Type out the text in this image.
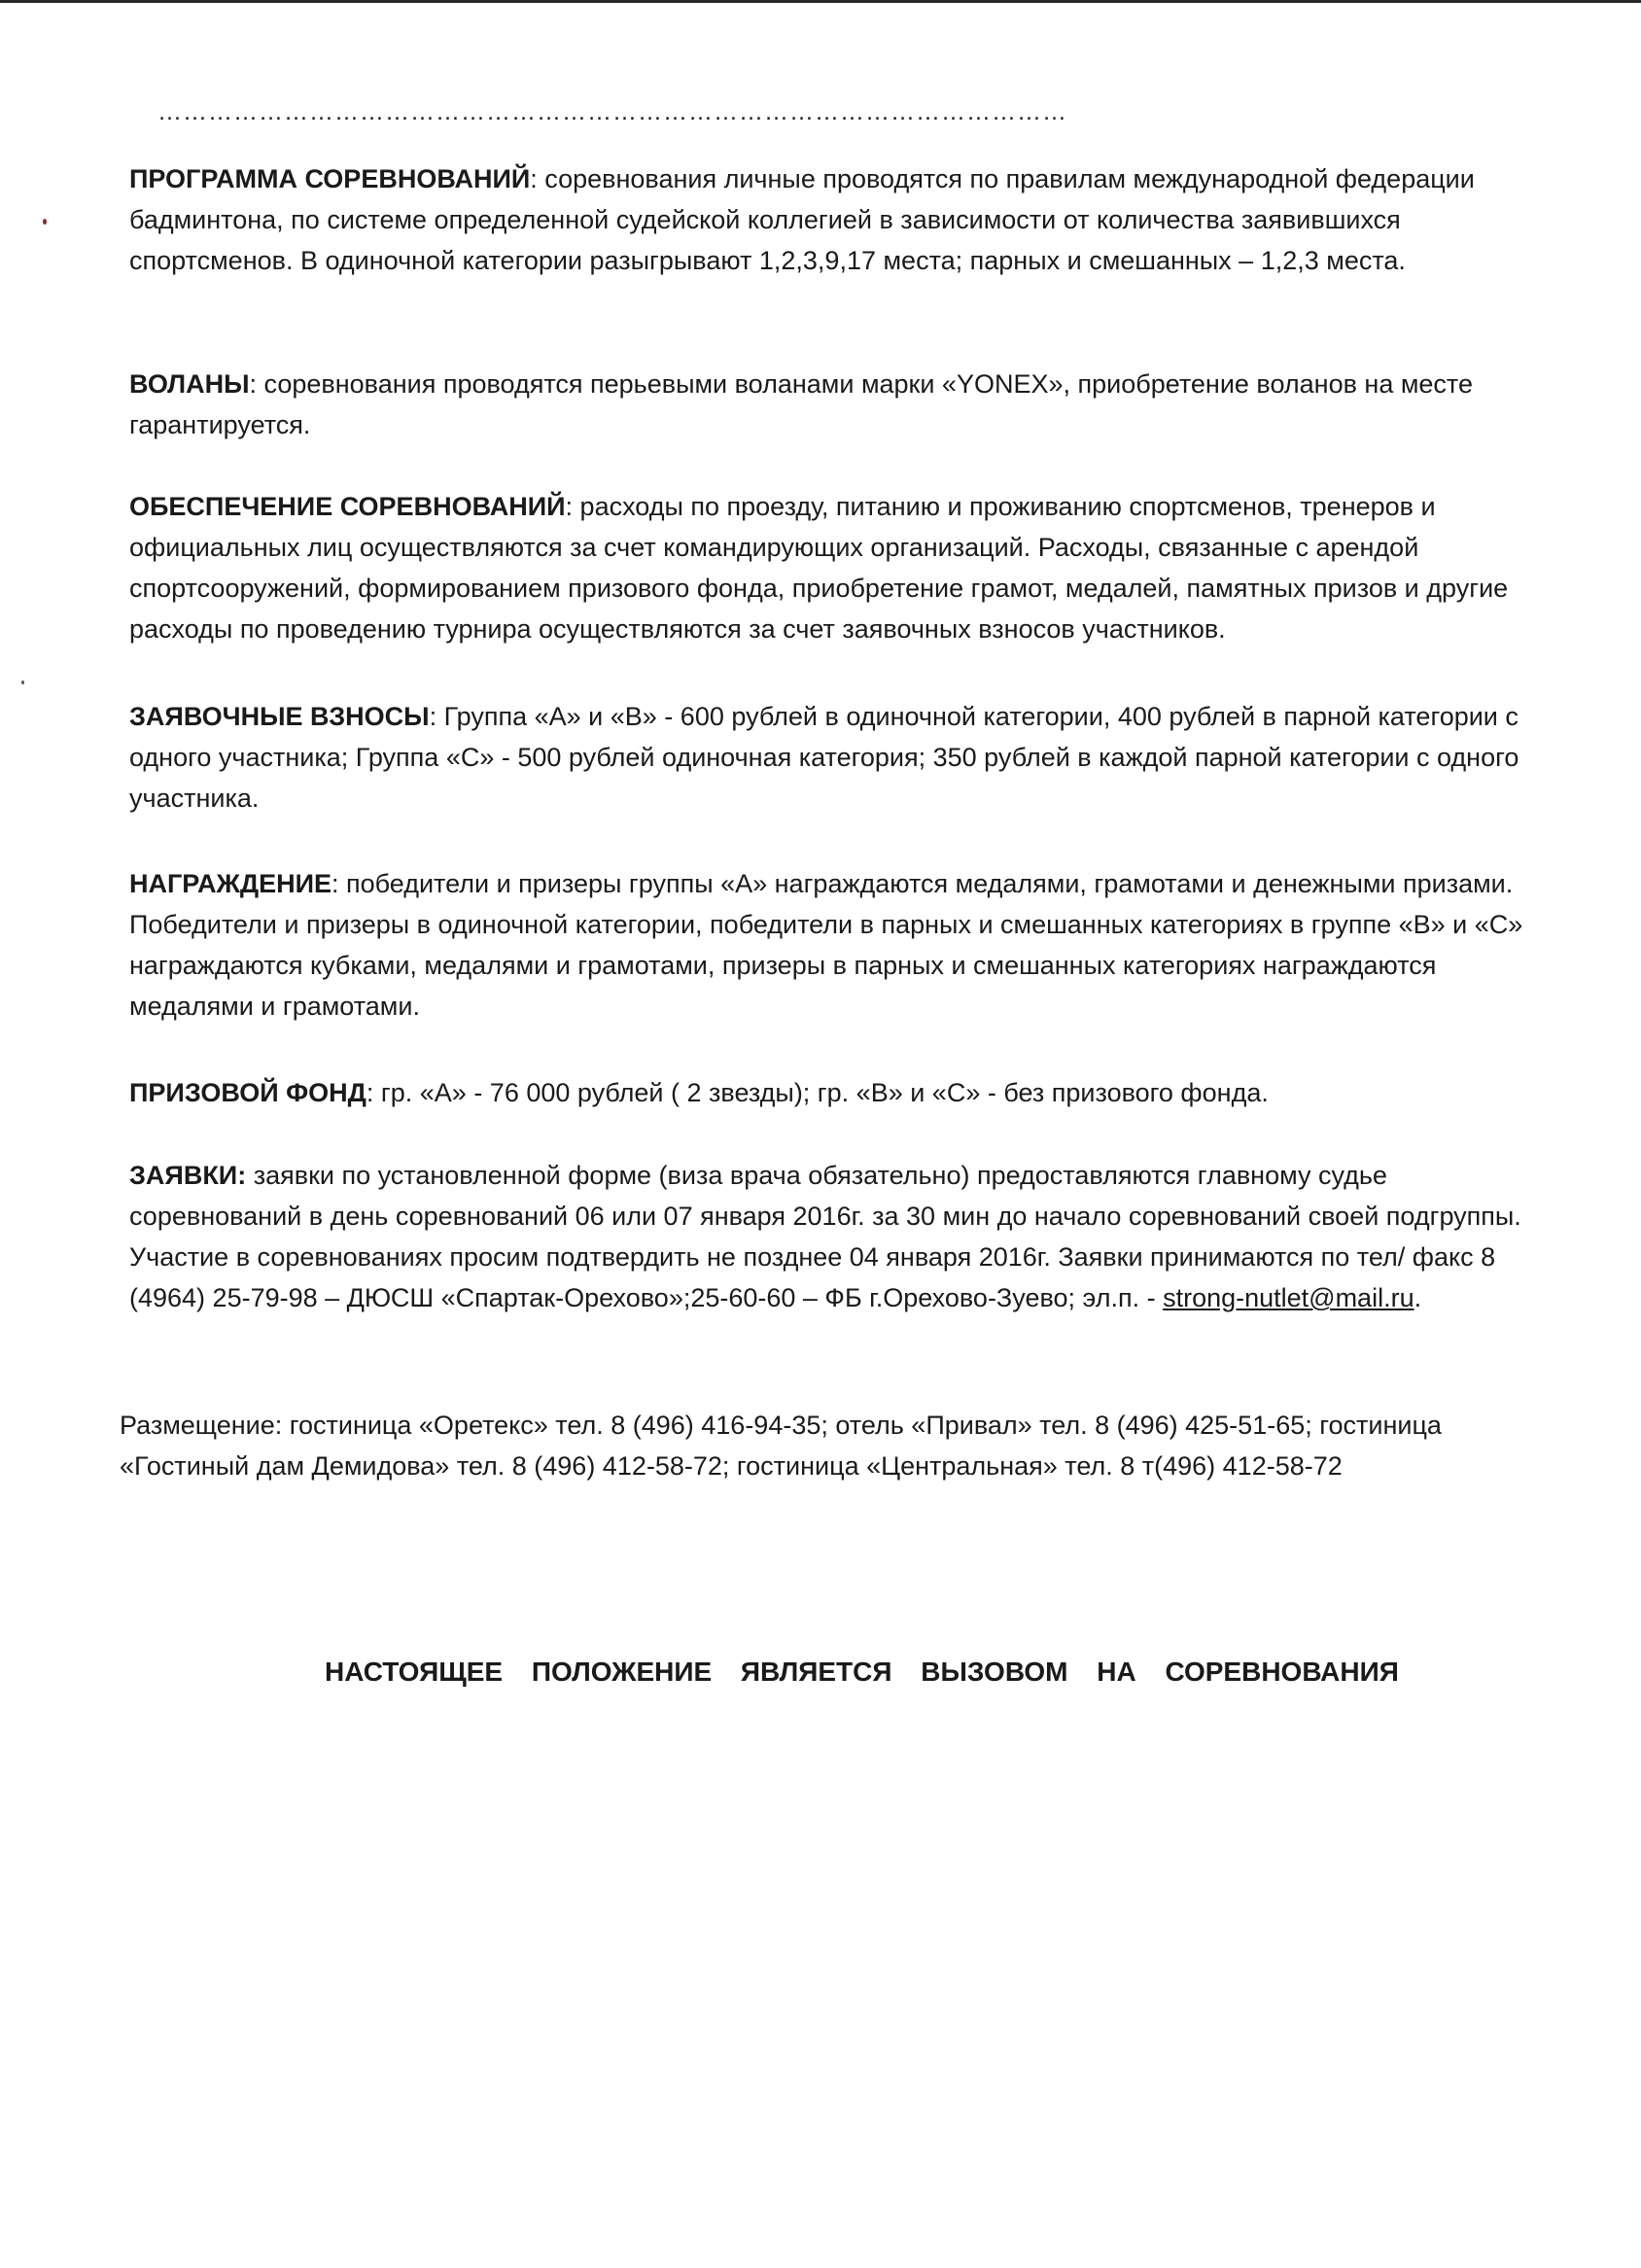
………………………………………………………………………………………………

ПРОГРАММА СОРЕВНОВАНИЙ: соревнования личные проводятся по правилам международной федерации бадминтона, по системе определенной судейской коллегией в зависимости от количества заявившихся спортсменов. В одиночной категории разыгрывают 1,2,3,9,17 места; парных и смешанных – 1,2,3 места.

ВОЛАНЫ: соревнования проводятся перьевыми воланами марки «YONEX», приобретение воланов на месте гарантируется.

ОБЕСПЕЧЕНИЕ СОРЕВНОВАНИЙ: расходы по проезду, питанию и проживанию спортсменов, тренеров и официальных лиц осуществляются за счет командирующих организаций. Расходы, связанные с арендой спортсооружений, формированием призового фонда, приобретение грамот, медалей, памятных призов и другие расходы по проведению турнира осуществляются за счет заявочных взносов участников.

ЗАЯВОЧНЫЕ ВЗНОСЫ: Группа «А» и «В» - 600 рублей в одиночной категории, 400 рублей в парной категории с одного участника; Группа «С» - 500 рублей одиночная категория; 350 рублей в каждой парной категории с одного участника.

НАГРАЖДЕНИЕ: победители и призеры группы «А» награждаются медалями, грамотами и денежными призами. Победители и призеры в одиночной категории, победители в парных и смешанных категориях в группе «В» и «С» награждаются кубками, медалями и грамотами, призеры в парных и смешанных категориях награждаются медалями и грамотами.

ПРИЗОВОЙ ФОНД: гр. «А» - 76 000 рублей ( 2 звезды); гр. «В» и «С» - без призового фонда.

ЗАЯВКИ: заявки по установленной форме (виза врача обязательно) предоставляются главному судье соревнований в день соревнований 06 или 07 января 2016г. за 30 мин до начало соревнований своей подгруппы. Участие в соревнованиях просим подтвердить не позднее 04 января 2016г. Заявки принимаются по тел/ факс 8 (4964) 25-79-98 – ДЮСШ «Спартак-Орехово»;25-60-60 – ФБ г.Орехово-Зуево; эл.п. - strong-nutlet@mail.ru.

Размещение: гостиница «Оретекс» тел. 8 (496) 416-94-35; отель «Привал» тел. 8 (496) 425-51-65; гостиница «Гостиный дам Демидова» тел. 8 (496) 412-58-72; гостиница «Центральная» тел. 8 т(496) 412-58-72

НАСТОЯЩЕЕ ПОЛОЖЕНИЕ ЯВЛЯЕТСЯ ВЫЗОВОМ НА СОРЕВНОВАНИЯ
